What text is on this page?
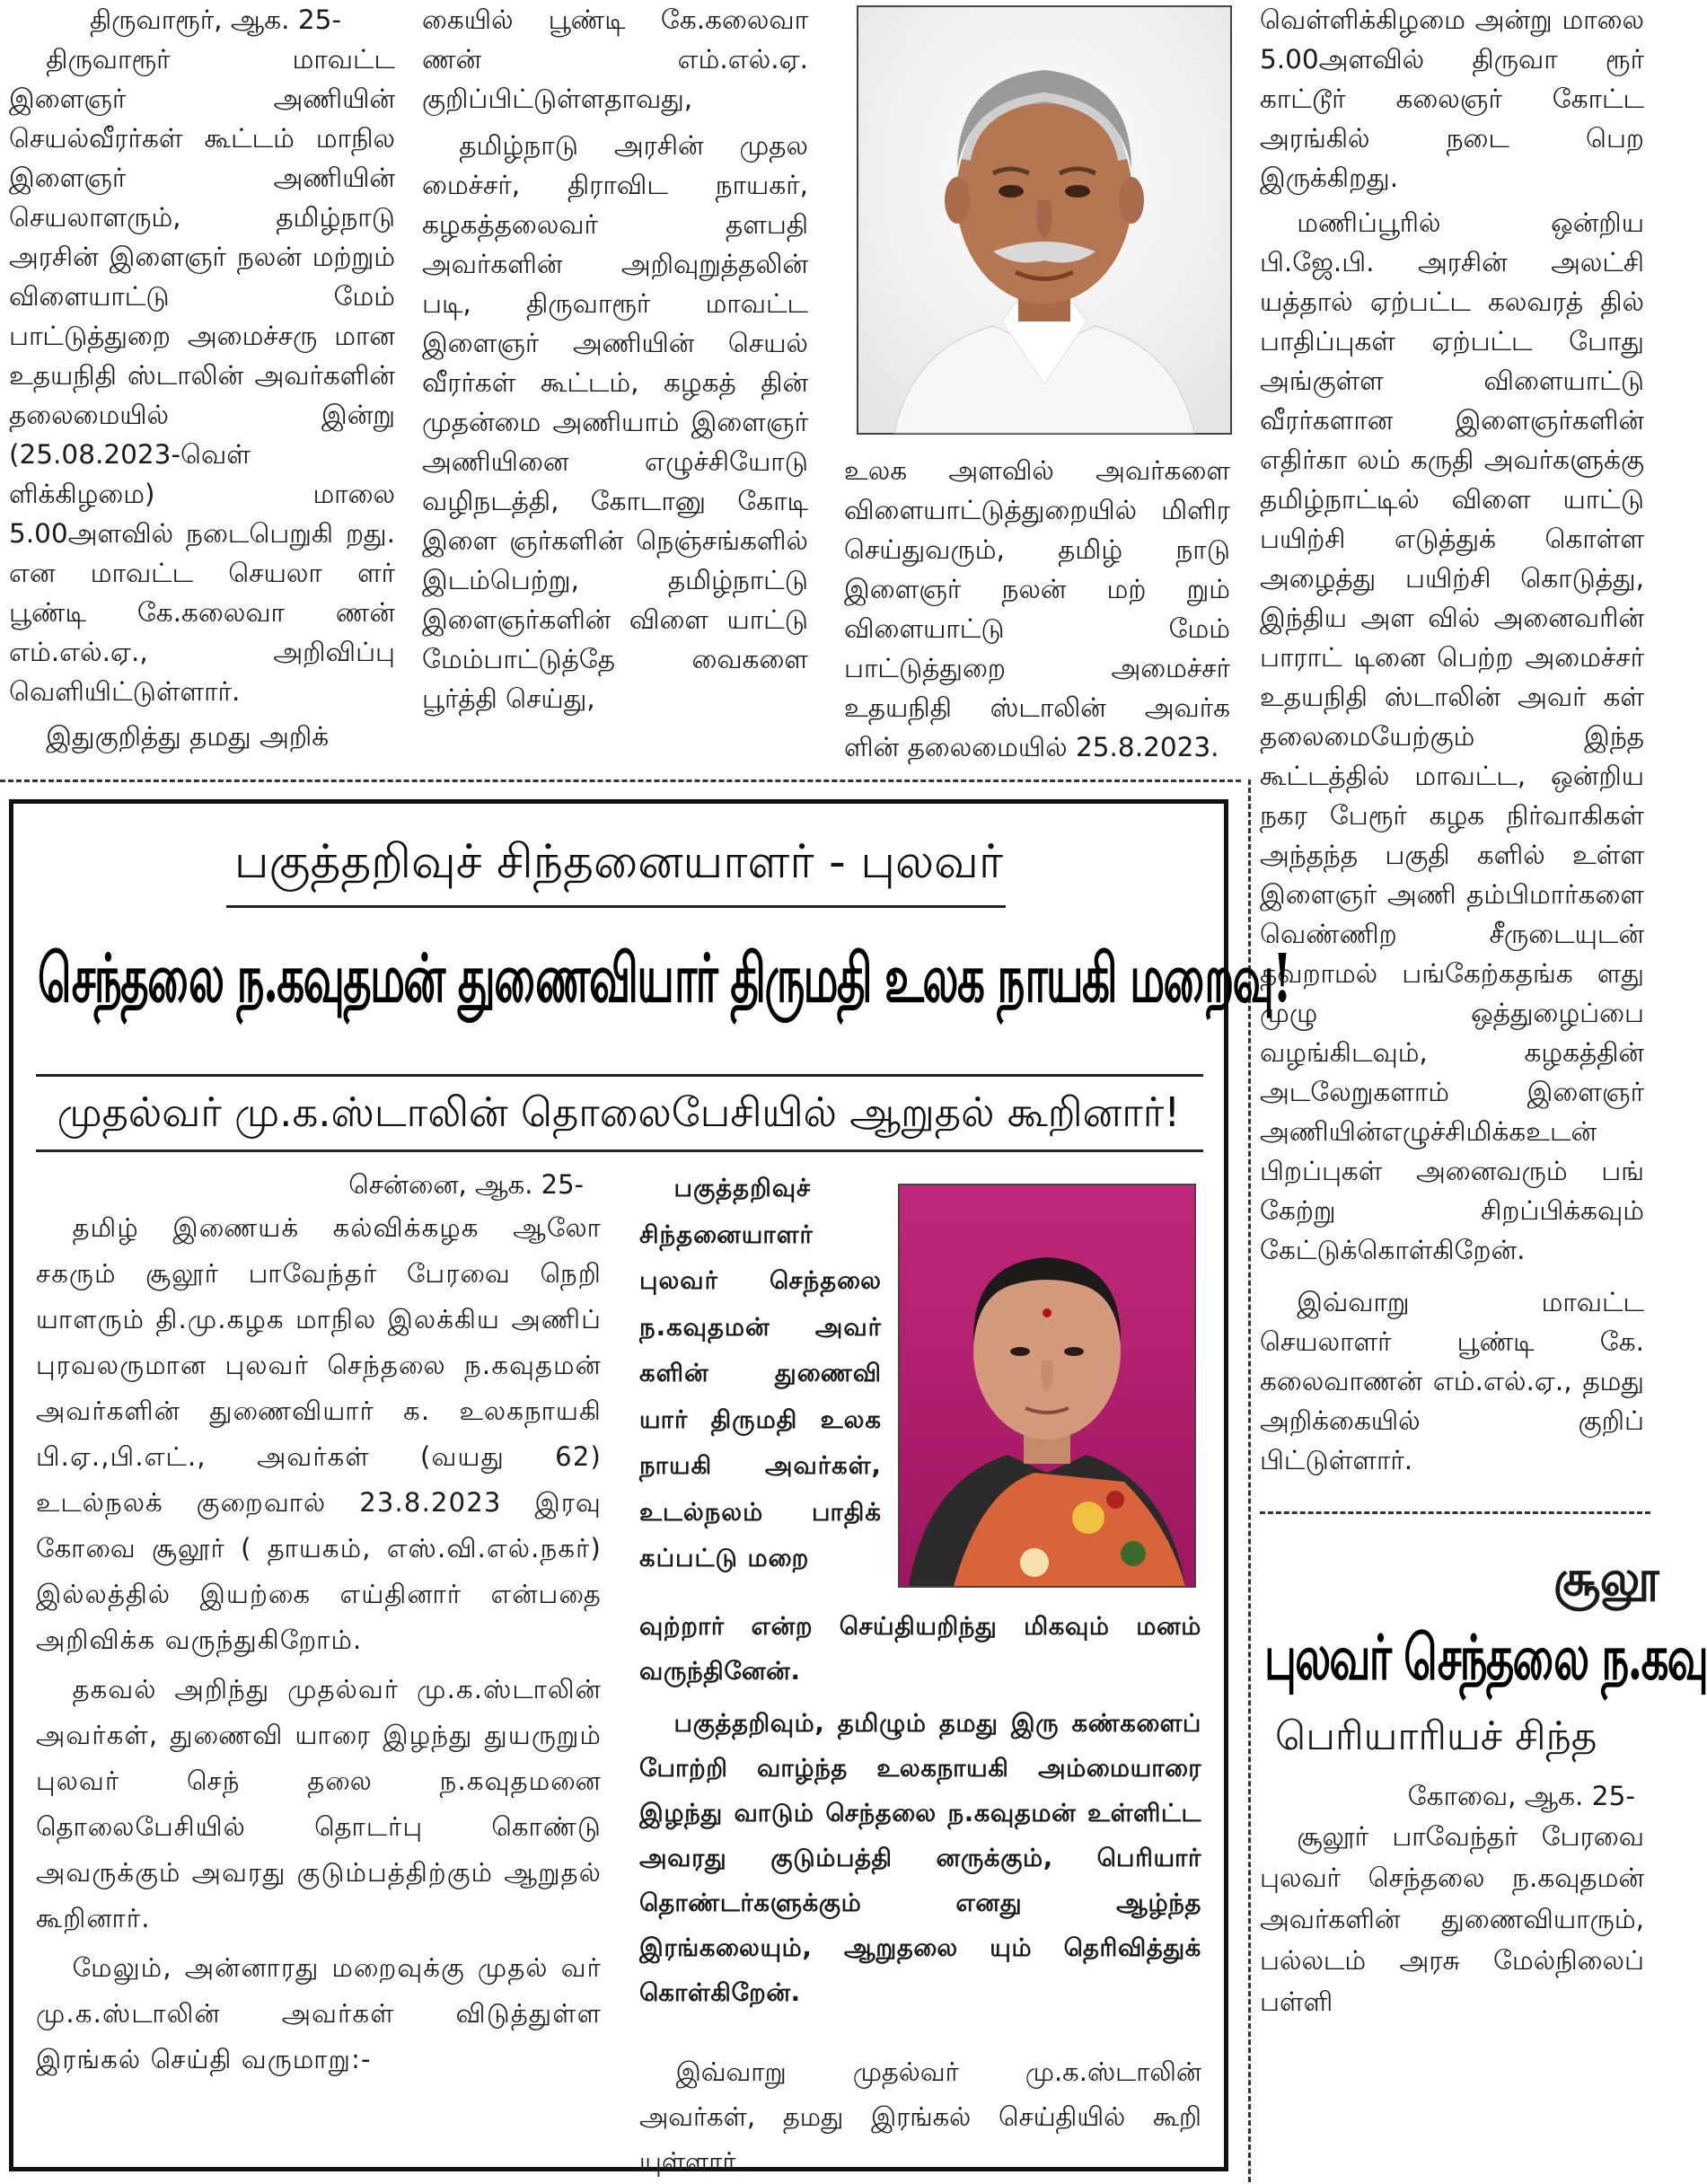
திருவாரூர், ஆக. 25-

திருவாரூர் மாவட்ட இளைஞர் அணியின் செயல்வீரர்கள் கூட்டம் மாநில இளைஞர் அணியின் செயலாளரும், தமிழ்நாடு அரசின் இளைஞர் நலன் மற்றும் விளையாட்டு மேம் பாட்டுத்துறை அமைச்சரு மான உதயநிதி ஸ்டாலின் அவர்களின் தலைமையில் இன்று (25.08.2023-வெள் ளிக்கிழமை) மாலை 5.00அளவில் நடைபெறுகி றது. என மாவட்ட செயலா ளர் பூண்டி கே.கலைவா ணன் எம்.எல்.ஏ., அறிவிப்பு வெளியிட்டுள்ளார்.

இதுகுறித்து தமது அறிக்

கையில் பூண்டி கே.கலைவா ணன் எம்.எல்.ஏ. குறிப்பிட்டுள்ளதாவது,

தமிழ்நாடு அரசின் முதல மைச்சர், திராவிட நாயகர், கழகத்தலைவர் தளபதி அவர்களின் அறிவுறுத்தலின் படி, திருவாரூர் மாவட்ட இளைஞர் அணியின் செயல் வீரர்கள் கூட்டம், கழகத் தின் முதன்மை அணியாம் இளைஞர் அணியினை எழுச்சியோடு வழிநடத்தி, கோடானு கோடி இளை ஞர்களின் நெஞ்சங்களில் இடம்பெற்று, தமிழ்நாட்டு இளைஞர்களின் விளை யாட்டு மேம்பாட்டுத்தே வைகளை பூர்த்தி செய்து,

உலக அளவில் அவர்களை விளையாட்டுத்துறையில் மிளிர செய்துவரும், தமிழ் நாடு இளைஞர் நலன் மற் றும் விளையாட்டு மேம் பாட்டுத்துறை அமைச்சர் உதயநிதி ஸ்டாலின் அவர்க ளின் தலைமையில் 25.8.2023.

வெள்ளிக்கிழமை அன்று மாலை 5.00அளவில் திருவா ரூர் காட்டூர் கலைஞர் கோட்ட அரங்கில் நடை பெற இருக்கிறது.

மணிப்பூரில் ஒன்றிய பி.ஜே.பி. அரசின் அலட்சி யத்தால் ஏற்பட்ட கலவரத் தில் பாதிப்புகள் ஏற்பட்ட போது அங்குள்ள விளையாட்டு வீரர்களான இளைஞர்களின் எதிர்கா லம் கருதி அவர்களுக்கு தமிழ்நாட்டில் விளை யாட்டு பயிற்சி எடுத்துக் கொள்ள அழைத்து பயிற்சி கொடுத்து, இந்திய அள வில் அனைவரின் பாராட் டினை பெற்ற அமைச்சர் உதயநிதி ஸ்டாலின் அவர் கள் தலைமையேற்கும் இந்த கூட்டத்தில் மாவட்ட, ஒன்றிய நகர பேரூர் கழக நிர்வாகிகள் அந்தந்த பகுதி களில் உள்ள இளைஞர் அணி தம்பிமார்களை வெண்ணிற சீருடையுடன் தவறாமல் பங்கேற்கதங்க ளது முழு ஒத்துழைப்பை வழங்கிடவும், கழகத்தின் அடலேறுகளாம் இளைஞர் அணியின்எழுச்சிமிக்கஉடன் பிறப்புகள் அனைவரும் பங் கேற்று சிறப்பிக்கவும் கேட்டுக்கொள்கிறேன்.

இவ்வாறு மாவட்ட செயலாளர் பூண்டி கே. கலைவாணன் எம்.எல்.ஏ., தமது அறிக்கையில் குறிப் பிட்டுள்ளார்.

பகுத்தறிவுச் சிந்தனையாளர் - புலவர்
செந்தலை ந.கவுதமன் துணைவியார் திருமதி உலக நாயகி மறைவு!
முதல்வர் மு.க.ஸ்டாலின் தொலைபேசியில் ஆறுதல் கூறினார்!

சென்னை, ஆக. 25-

தமிழ் இணையக் கல்விக்கழக ஆலோ சகரும் சூலூர் பாவேந்தர் பேரவை நெறி யாளரும் தி.மு.கழக மாநில இலக்கிய அணிப் புரவலருமான புலவர் செந்தலை ந.கவுதமன் அவர்களின் துணைவியார் க. உலகநாயகி பி.ஏ.,பி.எட்., அவர்கள் (வயது 62) உடல்நலக் குறைவால் 23.8.2023 இரவு கோவை சூலூர் ( தாயகம், எஸ்.வி.எல்.நகர்) இல்லத்தில் இயற்கை எய்தினார் என்பதை அறிவிக்க வருந்துகிறோம்.

தகவல் அறிந்து முதல்வர் மு.க.ஸ்டாலின் அவர்கள், துணைவி யாரை இழந்து துயருறும் புலவர் செந் தலை ந.கவுதமனை தொலைபேசியில் தொடர்பு கொண்டு அவருக்கும் அவரது குடும்பத்திற்கும் ஆறுதல் கூறினார்.

மேலும், அன்னாரது மறைவுக்கு முதல் வர் மு.க.ஸ்டாலின் அவர்கள் விடுத்துள்ள இரங்கல் செய்தி வருமாறு:-

பகுத்தறிவுச் சிந்தனையாளர் புலவர் செந்தலை ந.கவுதமன் அவர் களின் துணைவி யார் திருமதி உலக நாயகி அவர்கள், உடல்நலம் பாதிக் கப்பட்டு மறை

வுற்றார் என்ற செய்தியறிந்து மிகவும் மனம் வருந்தினேன்.

பகுத்தறிவும், தமிழும் தமது இரு கண்களைப் போற்றி வாழ்ந்த உலகநாயகி அம்மையாரை இழந்து வாடும் செந்தலை ந.கவுதமன் உள்ளிட்ட அவரது குடும்பத்தி னருக்கும், பெரியார் தொண்டர்களுக்கும் எனது ஆழ்ந்த இரங்கலையும், ஆறுதலை யும் தெரிவித்துக் கொள்கிறேன்.

இவ்வாறு முதல்வர் மு.க.ஸ்டாலின் அவர்கள், தமது இரங்கல் செய்தியில் கூறி யுள்ளார்.

சூலூ
புலவர் செந்தலை ந.கவு
பெரியாரியச் சிந்த

கோவை, ஆக. 25-

சூலூர் பாவேந்தர் பேரவை புலவர் செந்தலை ந.கவுதமன் அவர்களின் துணைவியாரும், பல்லடம் அரசு மேல்நிலைப் பள்ளி
